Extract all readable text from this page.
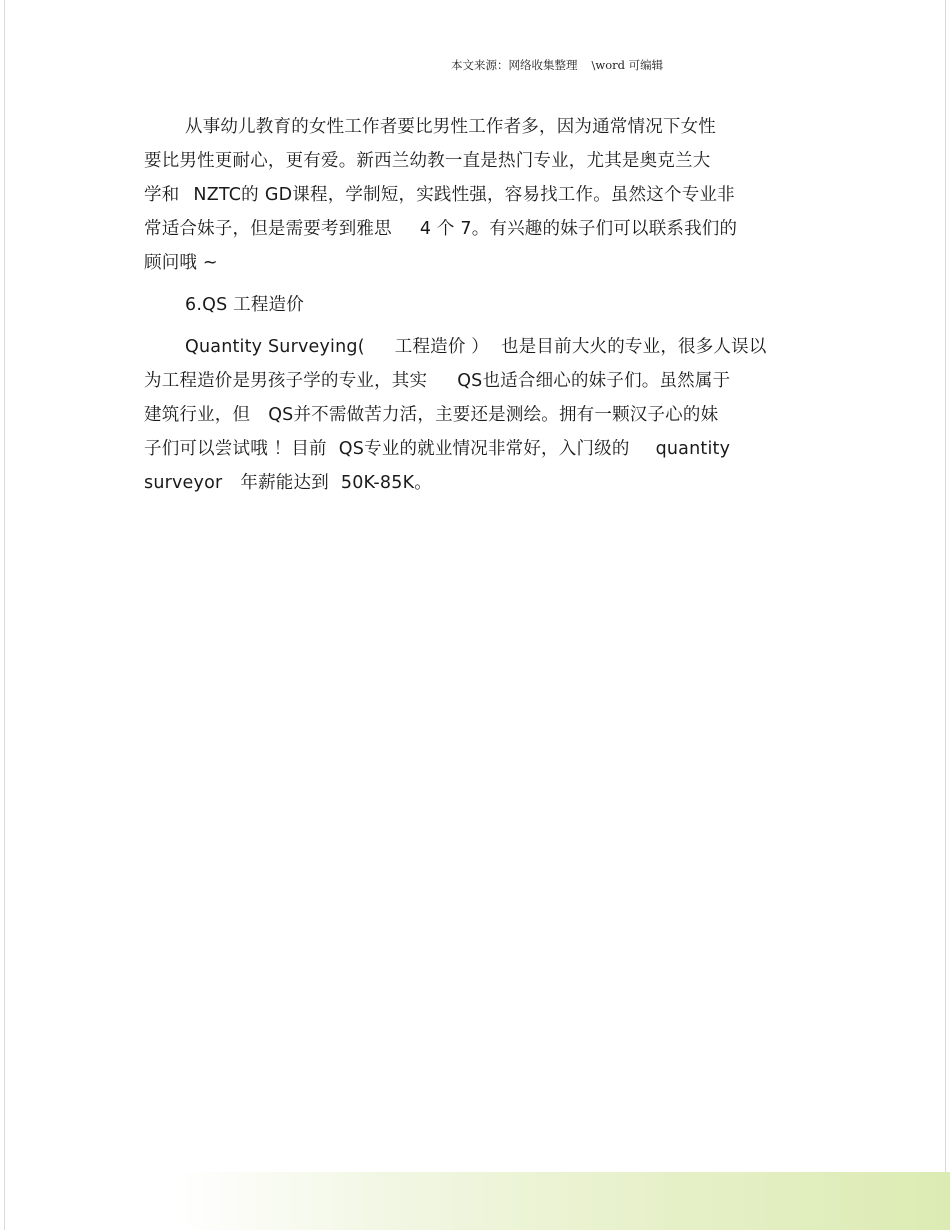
本文来源：网络收集整理 \word 可编辑
从事幼儿教育的女性工作者要比男性工作者多，因为通常情况下女性
要比男性更耐心，更有爱。新西兰幼教一直是热门专业，尤其是奥克兰大
学和 NZTC的 GD课程，学制短，实践性强，容易找工作。虽然这个专业非
常适合妹子，但是需要考到雅思 4 个 7。有兴趣的妹子们可以联系我们的
顾问哦 ~
6.QS 工程造价
Quantity Surveying( 工程造价 ） 也是目前大火的专业，很多人误以
为工程造价是男孩子学的专业，其实 QS也适合细心的妹子们。虽然属于
建筑行业，但 QS并不需做苦力活，主要还是测绘。拥有一颗汉子心的妹
子们可以尝试哦 ！目前 QS专业的就业情况非常好，入门级的 quantity
surveyor 年薪能达到 50K-85K。
